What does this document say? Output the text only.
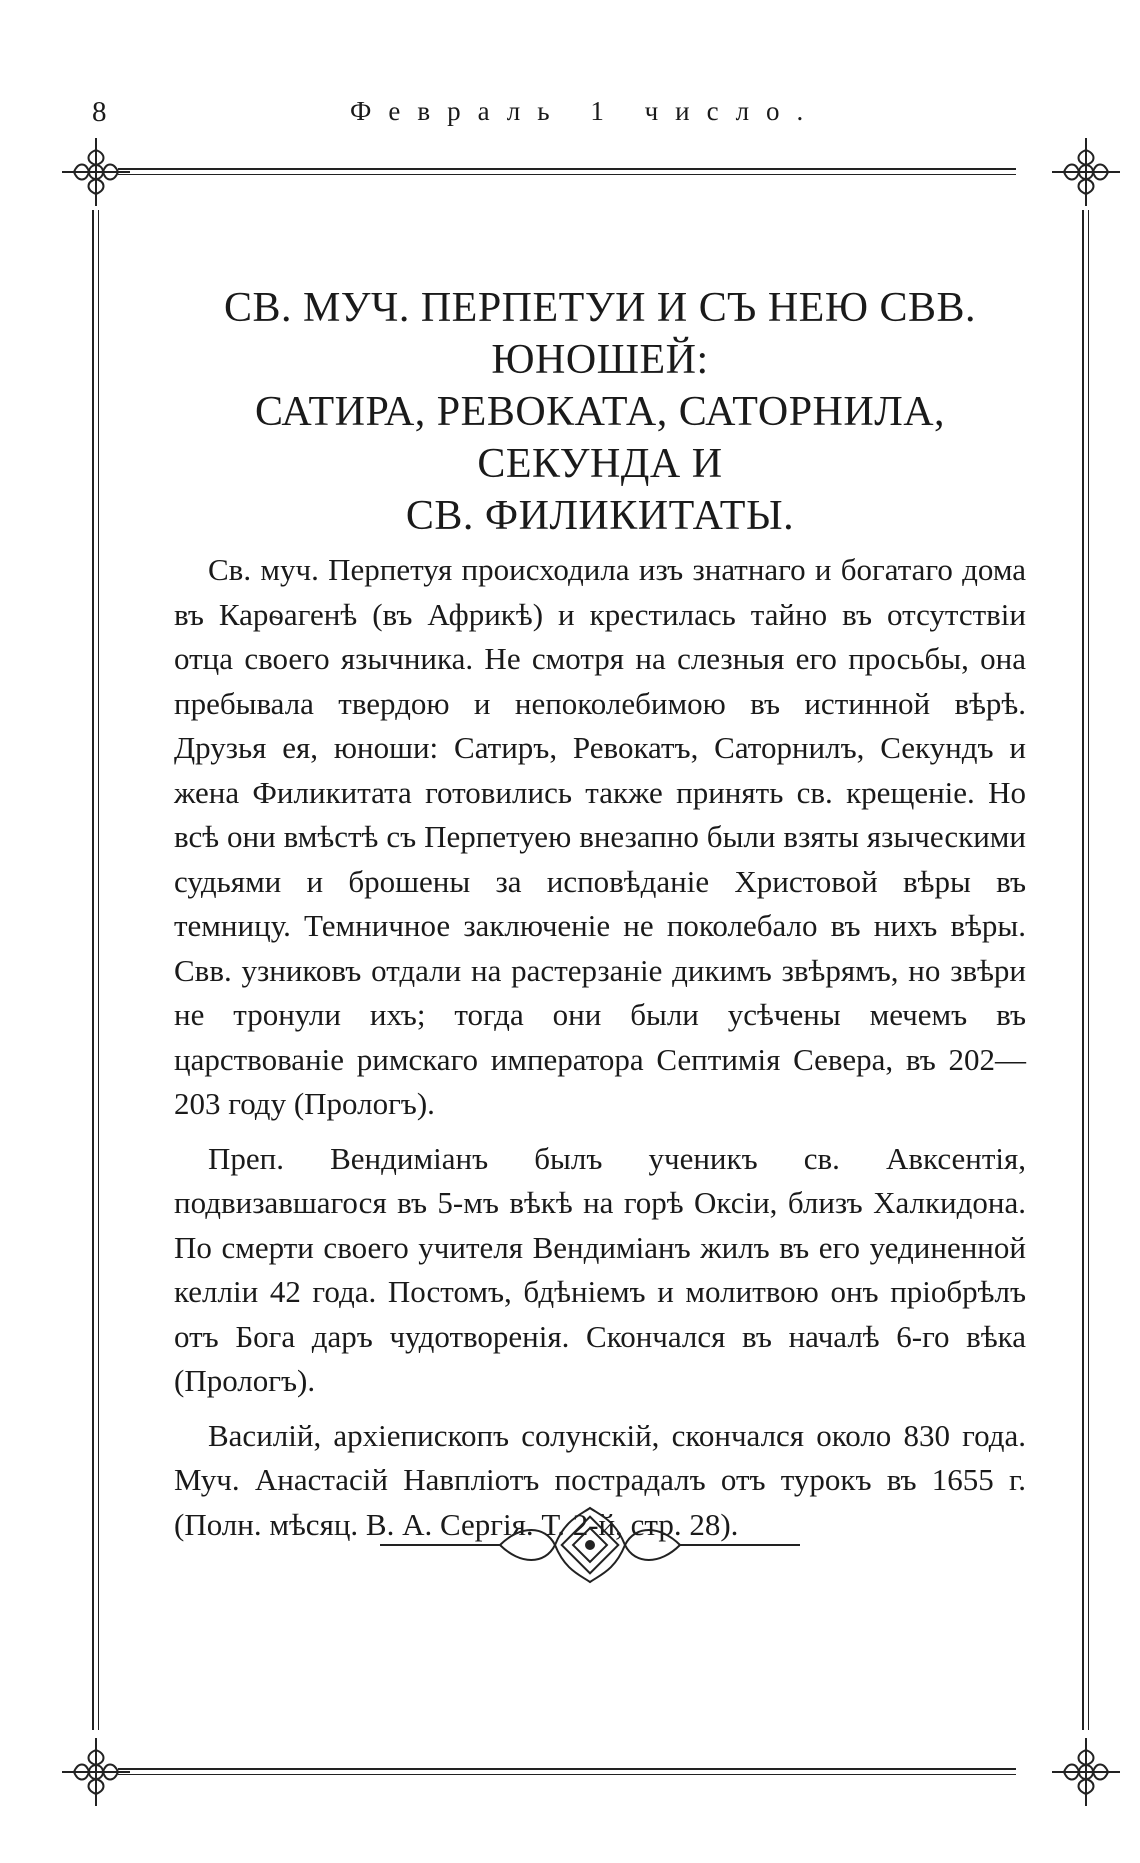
8	Февраль 1 число.
СВ. МУЧ. ПЕРПЕТУИ И СЪ НЕЮ СВВ. ЮНОШЕЙ:
САТИРА, РЕВОКАТА, САТОРНИЛА, СЕКУНДА И
СВ. ФИЛИКИТАТЫ.

Св. муч. Перпетуя происходила изъ знатнаго и богатаго дома въ Карѳагенѣ (въ Африкѣ) и крестилась тайно въ отсутствіи отца своего язычника. Не смотря на слезныя его просьбы, она пребывала твердою и непоколебимою въ истинной вѣрѣ. Друзья ея, юноши: Сатиръ, Ревокатъ, Саторнилъ, Секундъ и жена Филикитата готовились также принять св. крещеніе. Но всѣ они вмѣстѣ съ Перпетуею внезапно были взяты языческими судьями и брошены за исповѣданіе Христовой вѣры въ темницу. Темничное заключеніе не поколебало въ нихъ вѣры. Свв. узниковъ отдали на растерзаніе дикимъ звѣрямъ, но звѣри не тронули ихъ; тогда они были усѣчены мечемъ въ царствованіе римскаго императора Септимія Севера, въ 202—203 году (Прологъ).

Преп. Вендиміанъ былъ ученикъ св. Авксентія, подвизавшагося въ 5-мъ вѣкѣ на горѣ Оксіи, близъ Халкидона. По смерти своего учителя Вендиміанъ жилъ въ его уединенной келліи 42 года. Постомъ, бдѣніемъ и молитвою онъ пріобрѣлъ отъ Бога даръ чудотворенія. Скончался въ началѣ 6-го вѣка (Прологъ).

Василій, архіепископъ солунскій, скончался около 830 года. Муч. Анастасій Навпліотъ пострадалъ отъ турокъ въ 1655 г. (Полн. мѣсяц. В. А. Сергія. Т. 2-й, стр. 28).
